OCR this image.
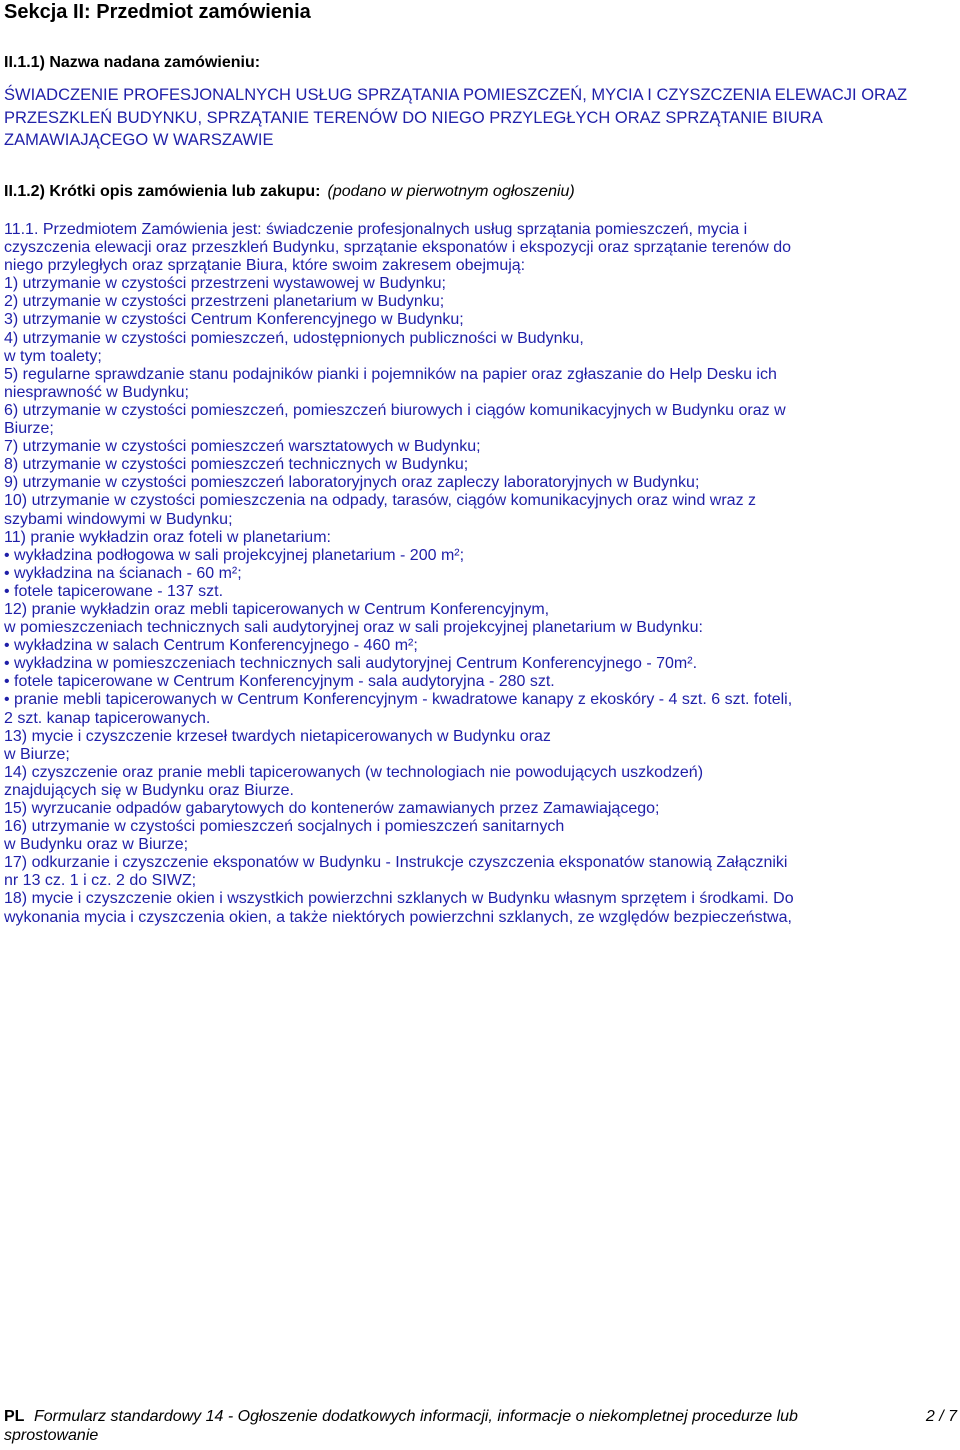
Sekcja II: Przedmiot zamówienia
II.1.1) Nazwa nadana zamówieniu:
ŚWIADCZENIE PROFESJONALNYCH USŁUG SPRZĄTANIA POMIESZCZEŃ, MYCIA I CZYSZCZENIA ELEWACJI ORAZ PRZESZKLEŃ BUDYNKU, SPRZĄTANIE TERENÓW DO NIEGO PRZYLEGŁYCH ORAZ SPRZĄTANIE BIURA ZAMAWIAJĄCEGO W WARSZAWIE
II.1.2) Krótki opis zamówienia lub zakupu: (podano w pierwotnym ogłoszeniu)
11.1. Przedmiotem Zamówienia jest: świadczenie profesjonalnych usług sprzątania pomieszczeń, mycia i
czyszczenia elewacji oraz przeszkleń Budynku, sprzątanie eksponatów i ekspozycji oraz sprzątanie terenów do
niego przyległych oraz sprzątanie Biura, które swoim zakresem obejmują:
1) utrzymanie w czystości przestrzeni wystawowej w Budynku;
2) utrzymanie w czystości przestrzeni planetarium w Budynku;
3) utrzymanie w czystości Centrum Konferencyjnego w Budynku;
4) utrzymanie w czystości pomieszczeń, udostępnionych publiczności w Budynku,
w tym toalety;
5) regularne sprawdzanie stanu podajników pianki i pojemników na papier oraz zgłaszanie do Help Desku ich
niesprawność w Budynku;
6) utrzymanie w czystości pomieszczeń, pomieszczeń biurowych i ciągów komunikacyjnych w Budynku oraz w
Biurze;
7) utrzymanie w czystości pomieszczeń warsztatowych w Budynku;
8) utrzymanie w czystości pomieszczeń technicznych w Budynku;
9) utrzymanie w czystości pomieszczeń laboratoryjnych oraz zapleczy laboratoryjnych w Budynku;
10) utrzymanie w czystości pomieszczenia na odpady, tarasów, ciągów komunikacyjnych oraz wind wraz z
szybami windowymi w Budynku;
11) pranie wykładzin oraz foteli w planetarium:
• wykładzina podłogowa w sali projekcyjnej planetarium - 200 m²;
• wykładzina na ścianach - 60 m²;
• fotele tapicerowane - 137 szt.
12) pranie wykładzin oraz mebli tapicerowanych w Centrum Konferencyjnym,
w pomieszczeniach technicznych sali audytoryjnej oraz w sali projekcyjnej planetarium w Budynku:
• wykładzina w salach Centrum Konferencyjnego - 460 m²;
• wykładzina w pomieszczeniach technicznych sali audytoryjnej Centrum Konferencyjnego - 70m².
• fotele tapicerowane w Centrum Konferencyjnym - sala audytoryjna - 280 szt.
• pranie mebli tapicerowanych w Centrum Konferencyjnym - kwadratowe kanapy z ekoskóry - 4 szt. 6 szt. foteli,
2 szt. kanap tapicerowanych.
13) mycie i czyszczenie krzeseł twardych nietapicerowanych w Budynku oraz
w Biurze;
14) czyszczenie oraz pranie mebli tapicerowanych (w technologiach nie powodujących uszkodzeń)
znajdujących się w Budynku oraz Biurze.
15) wyrzucanie odpadów gabarytowych do kontenerów zamawianych przez Zamawiającego;
16) utrzymanie w czystości pomieszczeń socjalnych i pomieszczeń sanitarnych
w Budynku oraz w Biurze;
17) odkurzanie i czyszczenie eksponatów w Budynku - Instrukcje czyszczenia eksponatów stanowią Załączniki
nr 13 cz. 1 i cz. 2 do SIWZ;
18) mycie i czyszczenie okien i wszystkich powierzchni szklanych w Budynku własnym sprzętem i środkami. Do
wykonania mycia i czyszczenia okien, a także niektórych powierzchni szklanych, ze względów bezpieczeństwa,
PL Formularz standardowy 14 - Ogłoszenie dodatkowych informacji, informacje o niekompletnej procedurze lub
sprostowanie
2 / 7
